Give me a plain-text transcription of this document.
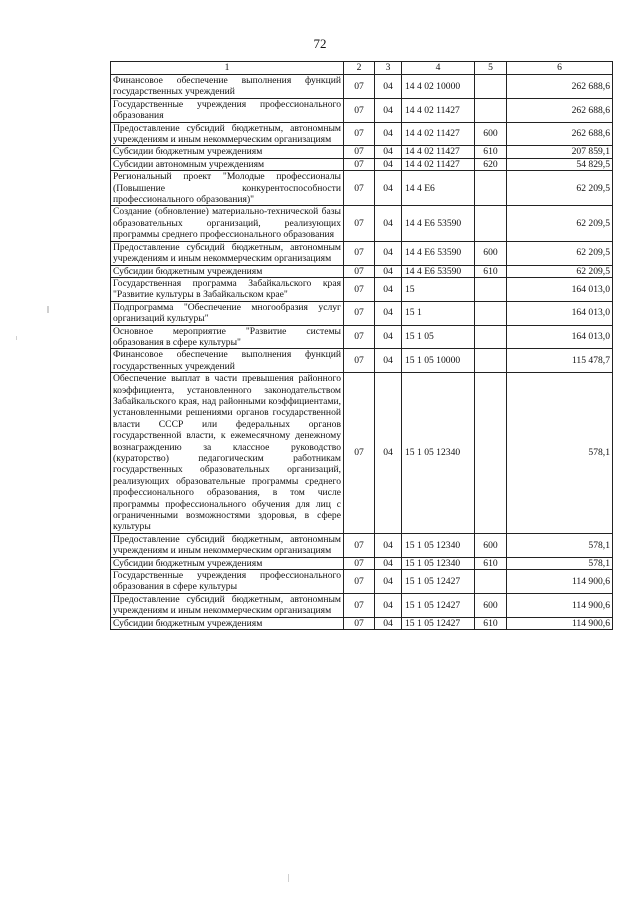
72
1	2	3	4	5	6
Финансовое обеспечение выполнения функций государственных учреждений	07	04	14 4 02 10000		262 688,6
Государственные учреждения профессионального образования	07	04	14 4 02 11427		262 688,6
Предоставление субсидий бюджетным, автономным учреждениям и иным некоммерческим организациям	07	04	14 4 02 11427	600	262 688,6
Субсидии бюджетным учреждениям	07	04	14 4 02 11427	610	207 859,1
Субсидии автономным учреждениям	07	04	14 4 02 11427	620	54 829,5
Региональный проект "Молодые профессионалы (Повышение конкурентоспособности профессионального образования)"	07	04	14 4 Е6		62 209,5
Создание (обновление) материально-технической базы образовательных организаций, реализующих программы среднего профессионального образования	07	04	14 4 Е6 53590		62 209,5
Предоставление субсидий бюджетным, автономным учреждениям и иным некоммерческим организациям	07	04	14 4 Е6 53590	600	62 209,5
Субсидии бюджетным учреждениям	07	04	14 4 Е6 53590	610	62 209,5
Государственная программа Забайкальского края "Развитие культуры в Забайкальском крае"	07	04	15		164 013,0
Подпрограмма "Обеспечение многообразия услуг организаций культуры"	07	04	15 1		164 013,0
Основное мероприятие "Развитие системы образования в сфере культуры"	07	04	15 1 05		164 013,0
Финансовое обеспечение выполнения функций государственных учреждений	07	04	15 1 05 10000		115 478,7
Обеспечение выплат в части превышения районного коэффициента, установленного законодательством Забайкальского края, над районными коэффициентами, установленными решениями органов государственной власти СССР или федеральных органов государственной власти, к ежемесячному денежному вознаграждению за классное руководство (кураторство) педагогическим работникам государственных образовательных организаций, реализующих образовательные программы среднего профессионального образования, в том числе программы профессионального обучения для лиц с ограниченными возможностями здоровья, в сфере культуры	07	04	15 1 05 12340		578,1
Предоставление субсидий бюджетным, автономным учреждениям и иным некоммерческим организациям	07	04	15 1 05 12340	600	578,1
Субсидии бюджетным учреждениям	07	04	15 1 05 12340	610	578,1
Государственные учреждения профессионального образования в сфере культуры	07	04	15 1 05 12427		114 900,6
Предоставление субсидий бюджетным, автономным учреждениям и иным некоммерческим организациям	07	04	15 1 05 12427	600	114 900,6
Субсидии бюджетным учреждениям	07	04	15 1 05 12427	610	114 900,6
